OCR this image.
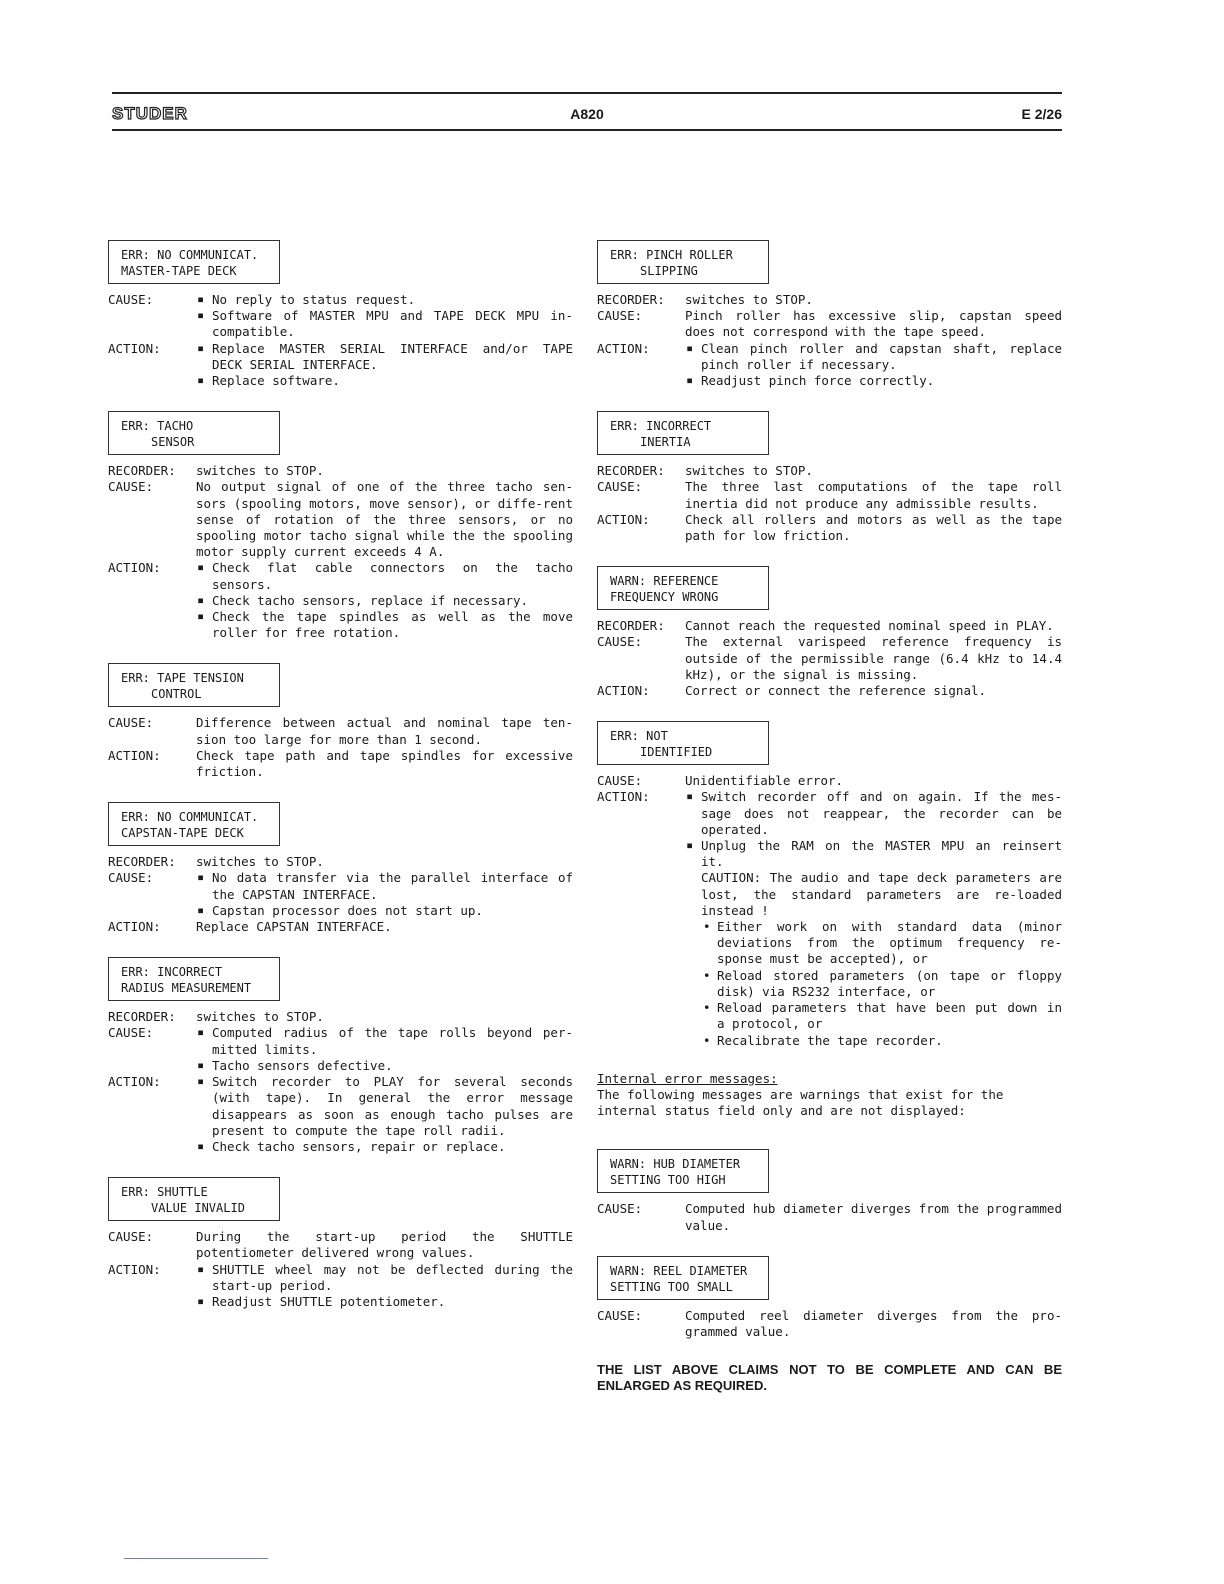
STUDER	A820	E 2/26
ERR: NO COMMUNICAT.
MASTER-TAPE DECK
CAUSE:	▪ No reply to status request.
▪ Software of MASTER MPU and TAPE DECK MPU in-compatible.
ACTION:	▪ Replace MASTER SERIAL INTERFACE and/or TAPE DECK SERIAL INTERFACE.
▪ Replace software.
ERR: TACHO
SENSOR
RECORDER:	switches to STOP.
CAUSE:	No output signal of one of the three tacho sen-sors (spooling motors, move sensor), or diffe-rent sense of rotation of the three sensors, or no spooling motor tacho signal while the the spooling motor supply current exceeds 4 A.
ACTION:	▪ Check flat cable connectors on the tacho sensors.
▪ Check tacho sensors, replace if necessary.
▪ Check the tape spindles as well as the move roller for free rotation.
ERR: TAPE TENSION
CONTROL
CAUSE:	Difference between actual and nominal tape ten-sion too large for more than 1 second.
ACTION:	Check tape path and tape spindles for excessive friction.
ERR: NO COMMUNICAT.
CAPSTAN-TAPE DECK
RECORDER:	switches to STOP.
CAUSE:	▪ No data transfer via the parallel interface of the CAPSTAN INTERFACE.
▪ Capstan processor does not start up.
ACTION:	Replace CAPSTAN INTERFACE.
ERR: INCORRECT
RADIUS MEASUREMENT
RECORDER:	switches to STOP.
CAUSE:	▪ Computed radius of the tape rolls beyond per-mitted limits.
▪ Tacho sensors defective.
ACTION:	▪ Switch recorder to PLAY for several seconds (with tape). In general the error message disappears as soon as enough tacho pulses are present to compute the tape roll radii.
▪ Check tacho sensors, repair or replace.
ERR: SHUTTLE
VALUE INVALID
CAUSE:	During the start-up period the SHUTTLE potentiometer delivered wrong values.
ACTION:	▪ SHUTTLE wheel may not be deflected during the start-up period.
▪ Readjust SHUTTLE potentiometer.
ERR: PINCH ROLLER
SLIPPING
RECORDER:	switches to STOP.
CAUSE:	Pinch roller has excessive slip, capstan speed does not correspond with the tape speed.
ACTION:	▪ Clean pinch roller and capstan shaft, replace pinch roller if necessary.
▪ Readjust pinch force correctly.
ERR: INCORRECT
INERTIA
RECORDER:	switches to STOP.
CAUSE:	The three last computations of the tape roll inertia did not produce any admissible results.
ACTION:	Check all rollers and motors as well as the tape path for low friction.
WARN: REFERENCE
FREQUENCY WRONG
RECORDER:	Cannot reach the requested nominal speed in PLAY.
CAUSE:	The external varispeed reference frequency is outside of the permissible range (6.4 kHz to 14.4 kHz), or the signal is missing.
ACTION:	Correct or connect the reference signal.
ERR: NOT
IDENTIFIED
CAUSE:	Unidentifiable error.
ACTION:	▪ Switch recorder off and on again. If the mes-sage does not reappear, the recorder can be operated.
▪ Unplug the RAM on the MASTER MPU an reinsert it.
CAUTION: The audio and tape deck parameters are lost, the standard parameters are re-loaded instead !
• Either work on with standard data (minor deviations from the optimum frequency re-sponse must be accepted), or
• Reload stored parameters (on tape or floppy disk) via RS232 interface, or
• Reload parameters that have been put down in a protocol, or
• Recalibrate the tape recorder.
Internal error messages:
The following messages are warnings that exist for the internal status field only and are not displayed:
WARN: HUB DIAMETER
SETTING TOO HIGH
CAUSE:	Computed hub diameter diverges from the programmed value.
WARN: REEL DIAMETER
SETTING TOO SMALL
CAUSE:	Computed reel diameter diverges from the pro-grammed value.
THE LIST ABOVE CLAIMS NOT TO BE COMPLETE AND CAN BE ENLARGED AS REQUIRED.
